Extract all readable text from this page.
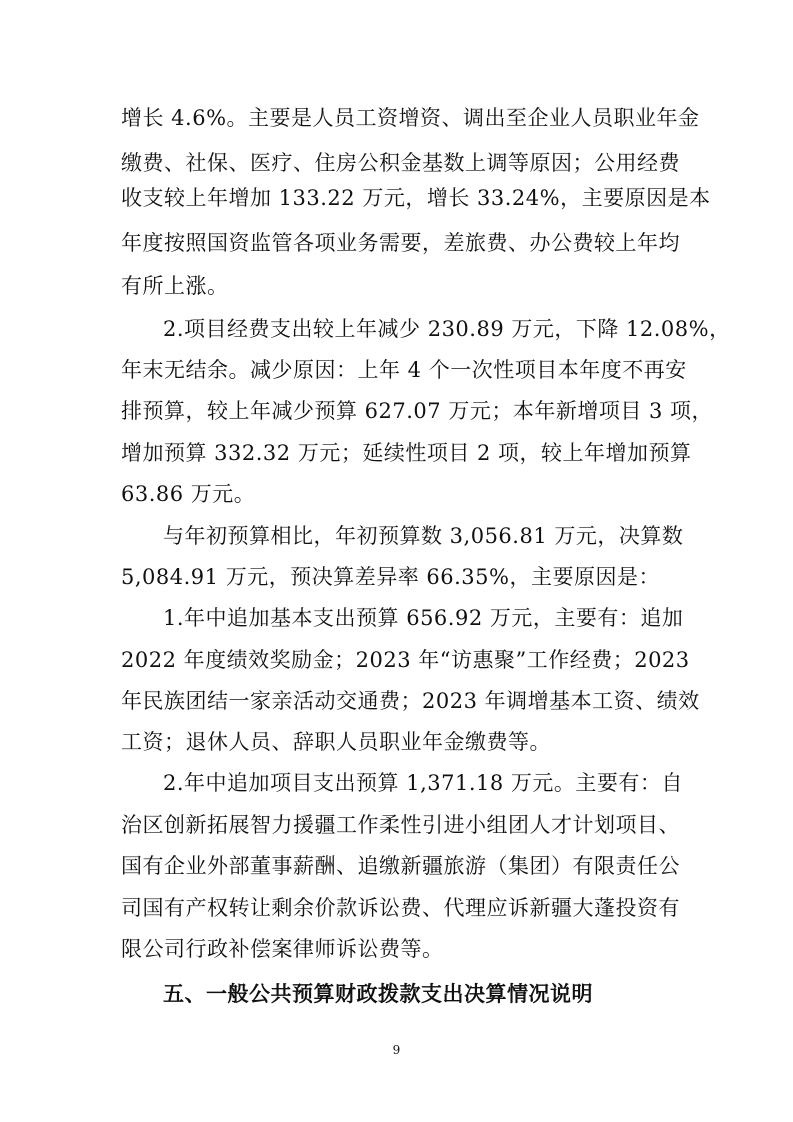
增长 4.6%。主要是人员工资增资、调出至企业人员职业年金
缴费、社保、医疗、住房公积金基数上调等原因；公用经费
收支较上年增加 133.22 万元，增长 33.24%，主要原因是本
年度按照国资监管各项业务需要，差旅费、办公费较上年均
有所上涨。
2.项目经费支出较上年减少 230.89 万元，下降 12.08%，
年末无结余。减少原因：上年 4 个一次性项目本年度不再安
排预算，较上年减少预算 627.07 万元；本年新增项目 3 项，
增加预算 332.32 万元；延续性项目 2 项，较上年增加预算
63.86 万元。
与年初预算相比，年初预算数 3,056.81 万元，决算数
5,084.91 万元，预决算差异率 66.35%，主要原因是：
1.年中追加基本支出预算 656.92 万元，主要有：追加
2022 年度绩效奖励金；2023 年“访惠聚”工作经费；2023
年民族团结一家亲活动交通费；2023 年调增基本工资、绩效
工资；退休人员、辞职人员职业年金缴费等。
2.年中追加项目支出预算 1,371.18 万元。主要有：自
治区创新拓展智力援疆工作柔性引进小组团人才计划项目、
国有企业外部董事薪酬、追缴新疆旅游（集团）有限责任公
司国有产权转让剩余价款诉讼费、代理应诉新疆大蓬投资有
限公司行政补偿案律师诉讼费等。
五、一般公共预算财政拨款支出决算情况说明
9
